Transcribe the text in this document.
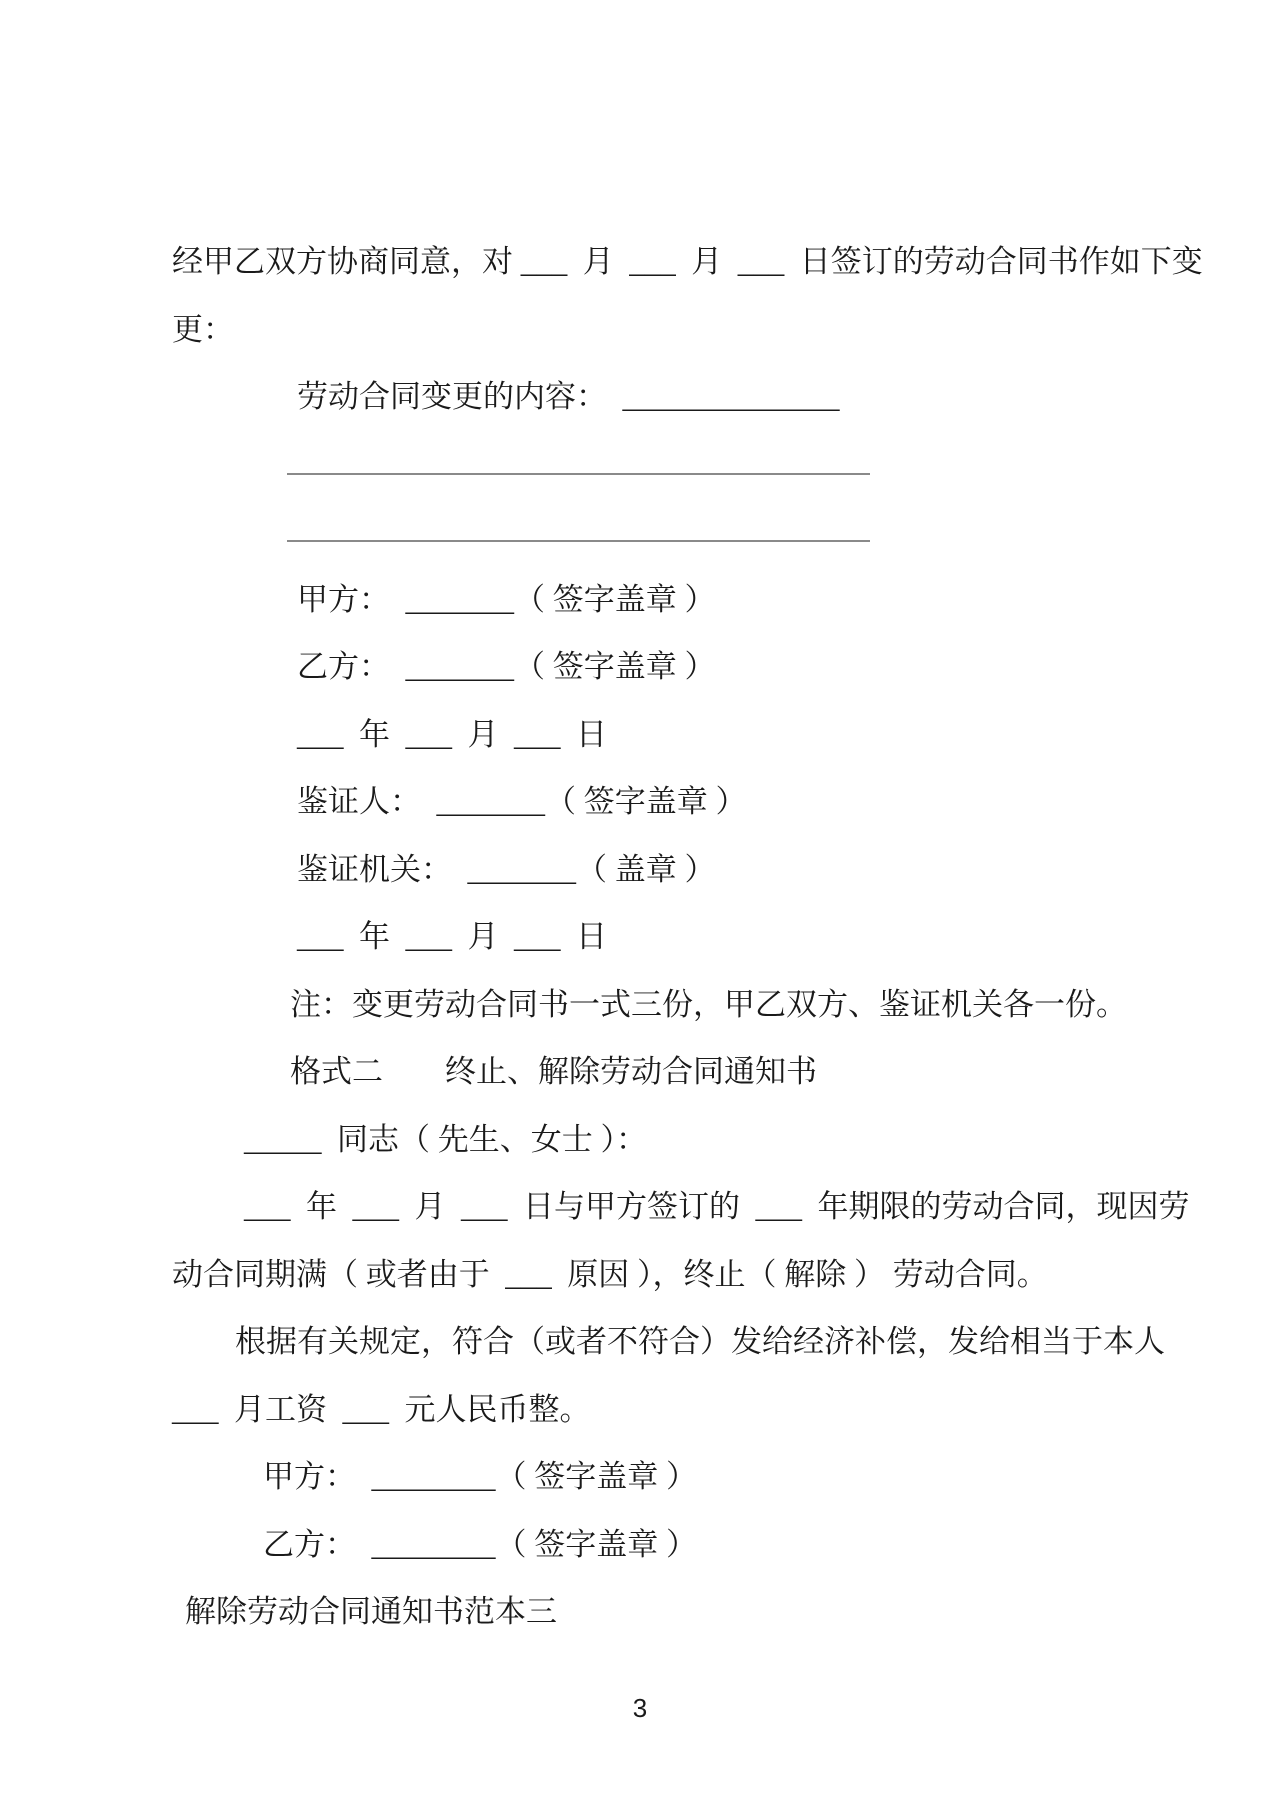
经甲乙双方协商同意，对 ___  月  ___  月  ___  日签订的劳动合同书作如下变
更：
劳动合同变更的内容：  ______________
甲方：  _______（ 签字盖章 ）
乙方：  _______（ 签字盖章 ）
___  年  ___  月  ___  日
鉴证人：  _______（ 签字盖章 ）
鉴证机关：  _______（ 盖章 ）
___  年  ___  月  ___  日
注：变更劳动合同书一式三份，甲乙双方、鉴证机关各一份。
格式二　　终止、解除劳动合同通知书
_____  同志（ 先生、女士 ）：
___  年  ___  月  ___  日与甲方签订的  ___  年期限的劳动合同，现因劳
动合同期满（ 或者由于  ___  原因 ），终止（ 解除 ） 劳动合同。
根据有关规定，符合（或者不符合）发给经济补偿，发给相当于本人
___  月工资  ___  元人民币整。
甲方：  ________（ 签字盖章 ）
乙方：  ________（ 签字盖章 ）
解除劳动合同通知书范本三
3
